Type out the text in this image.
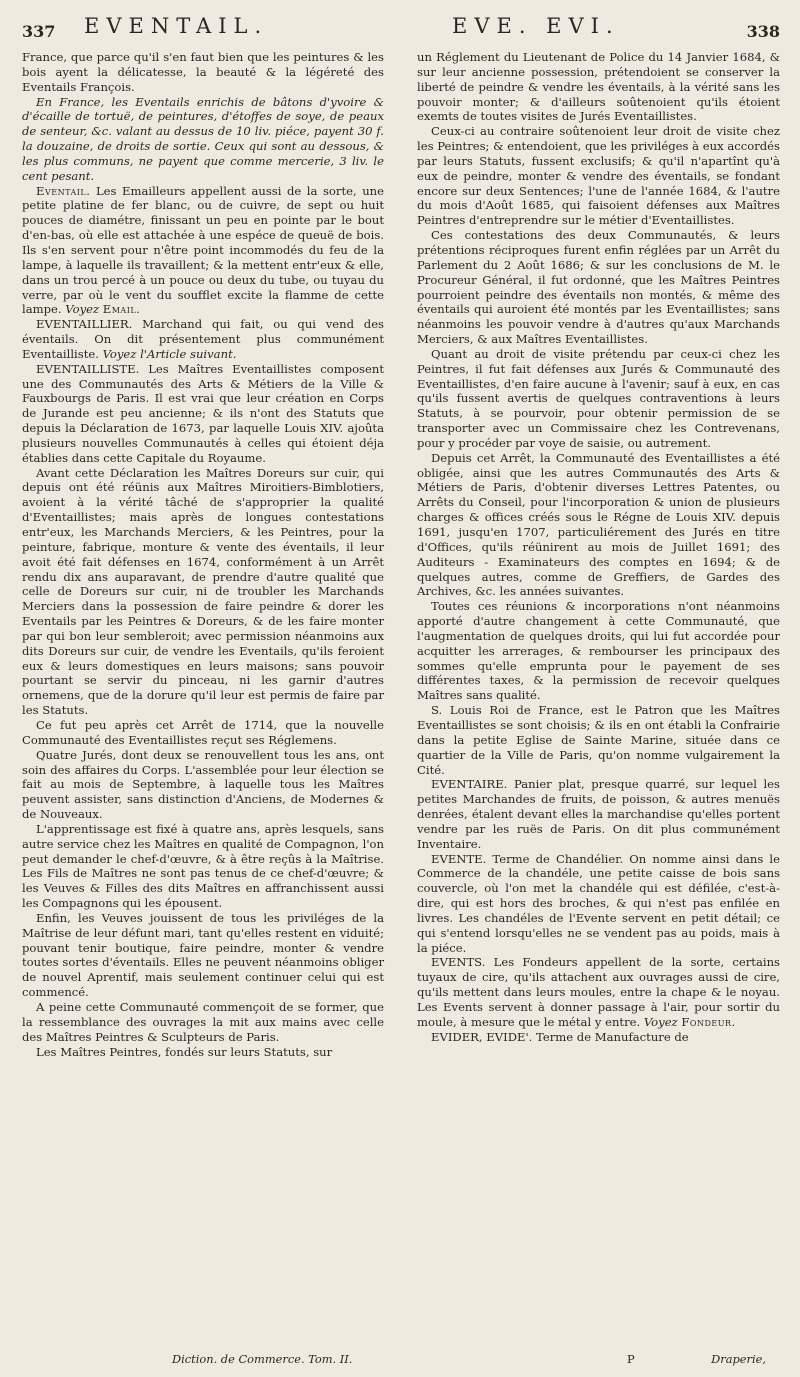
337 EVENTAIL.	EVE. EVI.	338

France, que parce qu'il s'en faut bien que les peintures & les bois ayent la délicatesse, la beauté & la légéreté des Eventails François.

En France, les Eventails enrichis de bâtons d'yvoire & d'écaille de tortuë, de peintures, d'étoffes de soye, de peaux de senteur, &c. valant au dessus de 10 liv. piéce, payent 30 f. la douzaine, de droits de sortie. Ceux qui sont au dessous, & les plus communs, ne payent que comme mercerie, 3 liv. le cent pesant.

Eventail. Les Emailleurs appellent aussi de la sorte, une petite platine de fer blanc, ou de cuivre, de sept ou huit pouces de diamétre, finissant un peu en pointe par le bout d'en-bas, où elle est attachée à une espéce de queuë de bois. Ils s'en servent pour n'être point incommodés du feu de la lampe, à laquelle ils travaillent; & la mettent entr'eux & elle, dans un trou percé à un pouce ou deux du tube, ou tuyau du verre, par où le vent du soufflet excite la flamme de cette lampe. Voyez Email.

EVENTAILLIER. Marchand qui fait, ou qui vend des éventails. On dit présentement plus communément Eventailliste. Voyez l'Article suivant.

EVENTAILLISTE. Les Maîtres Eventaillistes composent une des Communautés des Arts & Métiers de la Ville & Fauxbourgs de Paris. Il est vrai que leur création en Corps de Jurande est peu ancienne; & ils n'ont des Statuts que depuis la Déclaration de 1673, par laquelle Louis XIV. ajoûta plusieurs nouvelles Communautés à celles qui étoient déja établies dans cette Capitale du Royaume.

Avant cette Déclaration les Maîtres Doreurs sur cuir, qui depuis ont été réünis aux Maîtres Miroitiers-Bimblotiers, avoient à la vérité tâché de s'approprier la qualité d'Eventaillistes; mais après de longues contestations entr'eux, les Marchands Merciers, & les Peintres, pour la peinture, fabrique, monture & vente des éventails, il leur avoit été fait défenses en 1674, conformément à un Arrêt rendu dix ans auparavant, de prendre d'autre qualité que celle de Doreurs sur cuir, ni de troubler les Marchands Merciers dans la possession de faire peindre & dorer les Eventails par les Peintres & Doreurs, & de les faire monter par qui bon leur sembleroit; avec permission néanmoins aux dits Doreurs sur cuir, de vendre les Eventails, qu'ils feroient eux & leurs domestiques en leurs maisons; sans pouvoir pourtant se servir du pinceau, ni les garnir d'autres ornemens, que de la dorure qu'il leur est permis de faire par les Statuts.

Ce fut peu après cet Arrêt de 1714, que la nouvelle Communauté des Eventaillistes reçut ses Réglemens.

Quatre Jurés, dont deux se renouvellent tous les ans, ont soin des affaires du Corps. L'assemblée pour leur élection se fait au mois de Septembre, à laquelle tous les Maîtres peuvent assister, sans distinction d'Anciens, de Modernes & de Nouveaux.

L'apprentissage est fixé à quatre ans, après lesquels, sans autre service chez les Maîtres en qualité de Compagnon, l'on peut demander le chef-d'œuvre, & à être reçûs à la Maîtrise. Les Fils de Maîtres ne sont pas tenus de ce chef-d'œuvre; & les Veuves & Filles des dits Maîtres en affranchissent aussi les Compagnons qui les épousent.

Enfin, les Veuves jouissent de tous les priviléges de la Maîtrise de leur défunt mari, tant qu'elles restent en viduité; pouvant tenir boutique, faire peindre, monter & vendre toutes sortes d'éventails. Elles ne peuvent néanmoins obliger de nouvel Aprentif, mais seulement continuer celui qui est commencé.

A peine cette Communauté commençoit de se former, que la ressemblance des ouvrages la mit aux mains avec celle des Maîtres Peintres & Sculpteurs de Paris.

Les Maîtres Peintres, fondés sur leurs Statuts, sur

un Réglement du Lieutenant de Police du 14 Janvier 1684, & sur leur ancienne possession, prétendoient se conserver la liberté de peindre & vendre les éventails, à la vérité sans les pouvoir monter; & d'ailleurs soûtenoient qu'ils étoient exemts de toutes visites de Jurés Eventaillistes.

Ceux-ci au contraire soûtenoient leur droit de visite chez les Peintres; & entendoient, que les priviléges à eux accordés par leurs Statuts, fussent exclusifs; & qu'il n'apartînt qu'à eux de peindre, monter & vendre des éventails, se fondant encore sur deux Sentences; l'une de l'année 1684, & l'autre du mois d'Août 1685, qui faisoient défenses aux Maîtres Peintres d'entreprendre sur le métier d'Eventaillistes.

Ces contestations des deux Communautés, & leurs prétentions réciproques furent enfin réglées par un Arrêt du Parlement du 2 Août 1686; & sur les conclusions de M. le Procureur Général, il fut ordonné, que les Maîtres Peintres pourroient peindre des éventails non montés, & même des éventails qui auroient été montés par les Eventaillistes; sans néanmoins les pouvoir vendre à d'autres qu'aux Marchands Merciers, & aux Maîtres Eventaillistes.

Quant au droit de visite prétendu par ceux-ci chez les Peintres, il fut fait défenses aux Jurés & Communauté des Eventaillistes, d'en faire aucune à l'avenir; sauf à eux, en cas qu'ils fussent avertis de quelques contraventions à leurs Statuts, à se pourvoir, pour obtenir permission de se transporter avec un Commissaire chez les Contrevenans, pour y procéder par voye de saisie, ou autrement.

Depuis cet Arrêt, la Communauté des Eventaillistes a été obligée, ainsi que les autres Communautés des Arts & Métiers de Paris, d'obtenir diverses Lettres Patentes, ou Arrêts du Conseil, pour l'incorporation & union de plusieurs charges & offices créés sous le Régne de Louis XIV. depuis 1691, jusqu'en 1707, particuliérement des Jurés en titre d'Offices, qu'ils réünirent au mois de Juillet 1691; des Auditeurs - Examinateurs des comptes en 1694; & de quelques autres, comme de Greffiers, de Gardes des Archives, &c. les années suivantes.

Toutes ces réunions & incorporations n'ont néanmoins apporté d'autre changement à cette Communauté, que l'augmentation de quelques droits, qui lui fut accordée pour acquitter les arrerages, & rembourser les principaux des sommes qu'elle emprunta pour le payement de ses différentes taxes, & la permission de recevoir quelques Maîtres sans qualité.

S. Louis Roi de France, est le Patron que les Maîtres Eventaillistes se sont choisis; & ils en ont établi la Confrairie dans la petite Eglise de Sainte Marine, située dans ce quartier de la Ville de Paris, qu'on nomme vulgairement la Cité.

EVENTAIRE. Panier plat, presque quarré, sur lequel les petites Marchandes de fruits, de poisson, & autres menuës denrées, étalent devant elles la marchandise qu'elles portent vendre par les ruës de Paris. On dit plus communément Inventaire.

EVENTE. Terme de Chandélier. On nomme ainsi dans le Commerce de la chandéle, une petite caisse de bois sans couvercle, où l'on met la chandéle qui est défilée, c'est-à-dire, qui est hors des broches, & qui n'est pas enfilée en livres. Les chandéles de l'Evente servent en petit détail; ce qui s'entend lorsqu'elles ne se vendent pas au poids, mais à la piéce.

EVENTS. Les Fondeurs appellent de la sorte, certains tuyaux de cire, qu'ils attachent aux ouvrages aussi de cire, qu'ils mettent dans leurs moules, entre la chape & le noyau. Les Events servent à donner passage à l'air, pour sortir du moule, à mesure que le métal y entre. Voyez Fondeur.

EVIDER, EVIDE'. Terme de Manufacture de

Diction. de Commerce. Tom. II.	P	Draperie,
